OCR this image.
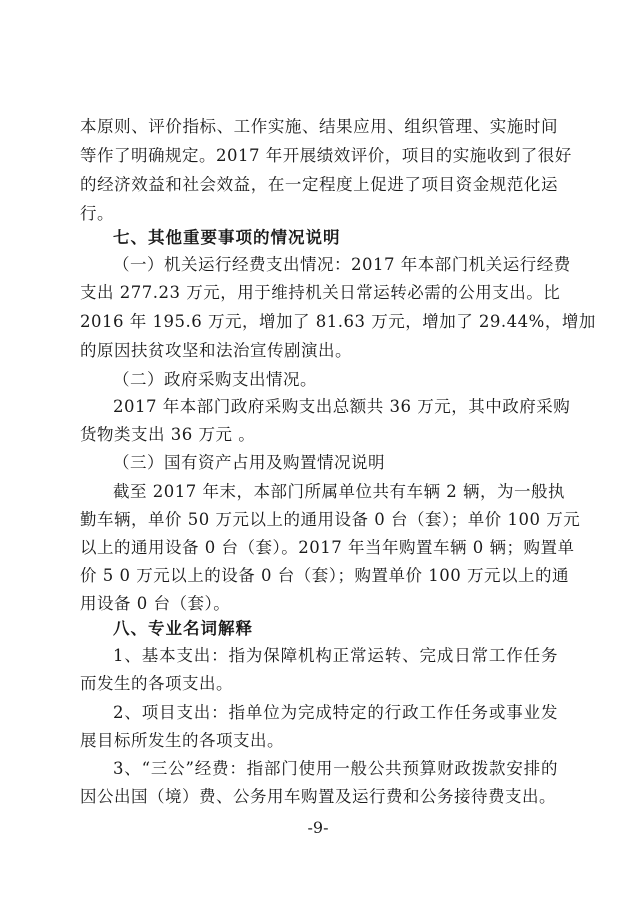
本原则、评价指标、工作实施、结果应用、组织管理、实施时间
等作了明确规定。2017 年开展绩效评价，项目的实施收到了很好
的经济效益和社会效益，在一定程度上促进了项目资金规范化运
行。
七、其他重要事项的情况说明
（一）机关运行经费支出情况：2017 年本部门机关运行经费
支出 277.23 万元，用于维持机关日常运转必需的公用支出。比
2016 年 195.6 万元，增加了 81.63 万元，增加了 29.44%，增加
的原因扶贫攻坚和法治宣传剧演出。
（二）政府采购支出情况。
2017 年本部门政府采购支出总额共 36 万元，其中政府采购
货物类支出 36 万元 。
（三）国有资产占用及购置情况说明
截至 2017 年末，本部门所属单位共有车辆 2 辆，为一般执
勤车辆，单价 50 万元以上的通用设备 0 台（套）；单价 100 万元
以上的通用设备 0 台（套）。2017 年当年购置车辆 0 辆；购置单
价 5 0 万元以上的设备 0 台（套）；购置单价 100 万元以上的通
用设备 0 台（套）。
八、专业名词解释
1、基本支出：指为保障机构正常运转、完成日常工作任务
而发生的各项支出。
2、项目支出：指单位为完成特定的行政工作任务或事业发
展目标所发生的各项支出。
3、“三公”经费：指部门使用一般公共预算财政拨款安排的
因公出国（境）费、公务用车购置及运行费和公务接待费支出。
-9-
